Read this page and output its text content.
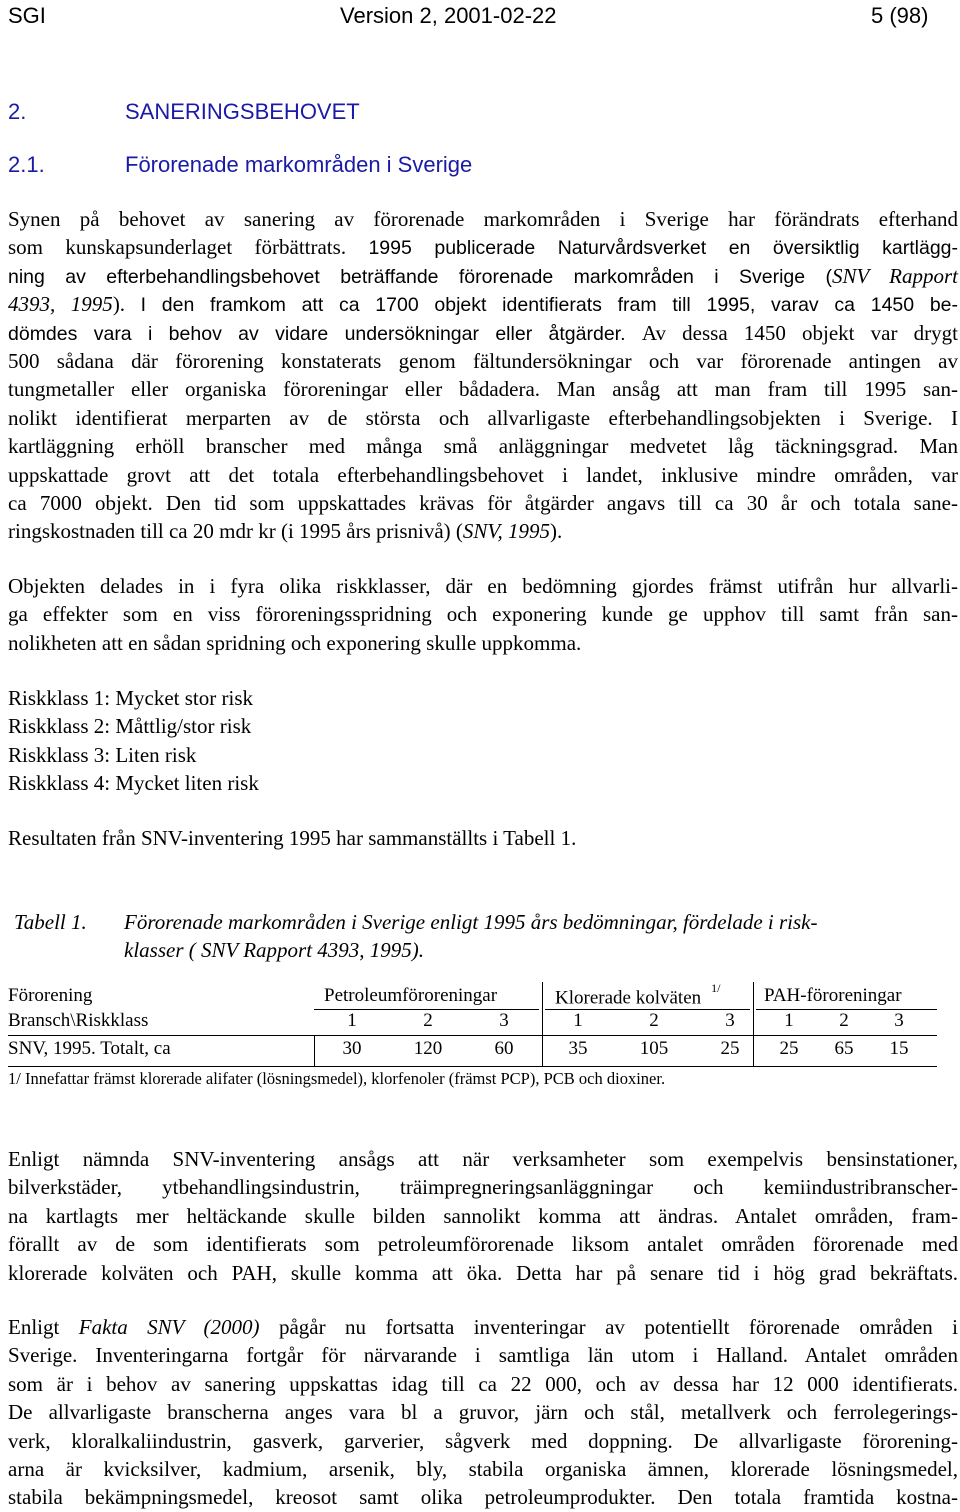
SGI	Version 2, 2001-02-22	5 (98)
2.	SANERINGSBEHOVET
2.1.	Förorenade markområden i Sverige
Synen på behovet av sanering av förorenade markområden i Sverige har förändrats efterhand
som kunskapsunderlaget förbättrats. 1995 publicerade Naturvårdsverket en översiktlig kartlägg-
ning av efterbehandlingsbehovet beträffande förorenade markområden i Sverige (SNV Rapport
4393, 1995). I den framkom att ca 1700 objekt identifierats fram till 1995, varav ca 1450 be-
dömdes vara i behov av vidare undersökningar eller åtgärder. Av dessa 1450 objekt var drygt
500 sådana där förorening konstaterats genom fältundersökningar och var förorenade antingen av
tungmetaller eller organiska föroreningar eller bådadera. Man ansåg att man fram till 1995 san-
nolikt identifierat merparten av de största och allvarligaste efterbehandlingsobjekten i Sverige. I
kartläggning erhöll branscher med många små anläggningar medvetet låg täckningsgrad. Man
uppskattade grovt att det totala efterbehandlingsbehovet i landet, inklusive mindre områden, var
ca 7000 objekt. Den tid som uppskattades krävas för åtgärder angavs till ca 30 år och totala sane-
ringskostnaden till ca 20 mdr kr (i 1995 års prisnivå) (SNV, 1995).
Objekten delades in i fyra olika riskklasser, där en bedömning gjordes främst utifrån hur allvarli-
ga effekter som en viss föroreningsspridning och exponering kunde ge upphov till samt från san-
nolikheten att en sådan spridning och exponering skulle uppkomma.
Riskklass 1: Mycket stor risk
Riskklass 2: Måttlig/stor risk
Riskklass 3: Liten risk
Riskklass 4: Mycket liten risk
Resultaten från SNV-inventering 1995 har sammanställts i Tabell 1.
Tabell 1. Förorenade markområden i Sverige enligt 1995 års bedömningar, fördelade i risk-
klasser ( SNV Rapport 4393, 1995).
Förorening
Bransch\Riskklass
Petroleumföroreningar	Klorerade kolväten $^{1/}$ PAH-föroreningar
1	2	3	1	2	3	1 2 3
SNV, 1995. Totalt, ca	30	120	60	35	105	25	25 65 15
1/ Innefattar främst klorerade alifater (lösningsmedel), klorfenoler (främst PCP), PCB och dioxiner.
Enligt nämnda SNV-inventering ansågs att när verksamheter som exempelvis bensinstationer,
bilverkstäder, ytbehandlingsindustrin, träimpregneringsanläggningar och kemiindustribranscher-
na kartlagts mer heltäckande skulle bilden sannolikt komma att ändras. Antalet områden, fram-
förallt av de som identifierats som petroleumförorenade liksom antalet områden förorenade med
klorerade kolväten och PAH, skulle komma att öka. Detta har på senare tid i hög grad bekräftats.
Enligt Fakta SNV (2000) pågår nu fortsatta inventeringar av potentiellt förorenade områden i
Sverige. Inventeringarna fortgår för närvarande i samtliga län utom i Halland. Antalet områden
som är i behov av sanering uppskattas idag till ca 22 000, och av dessa har 12 000 identifierats.
De allvarligaste branscherna anges vara bl a gruvor, järn och stål, metallverk och ferrolegerings-
verk, kloralkaliindustrin, gasverk, garverier, sågverk med doppning. De allvarligaste förorening-
arna är kvicksilver, kadmium, arsenik, bly, stabila organiska ämnen, klorerade lösningsmedel,
stabila bekämpningsmedel, kreosot samt olika petroleumprodukter. Den totala framtida kostna-
